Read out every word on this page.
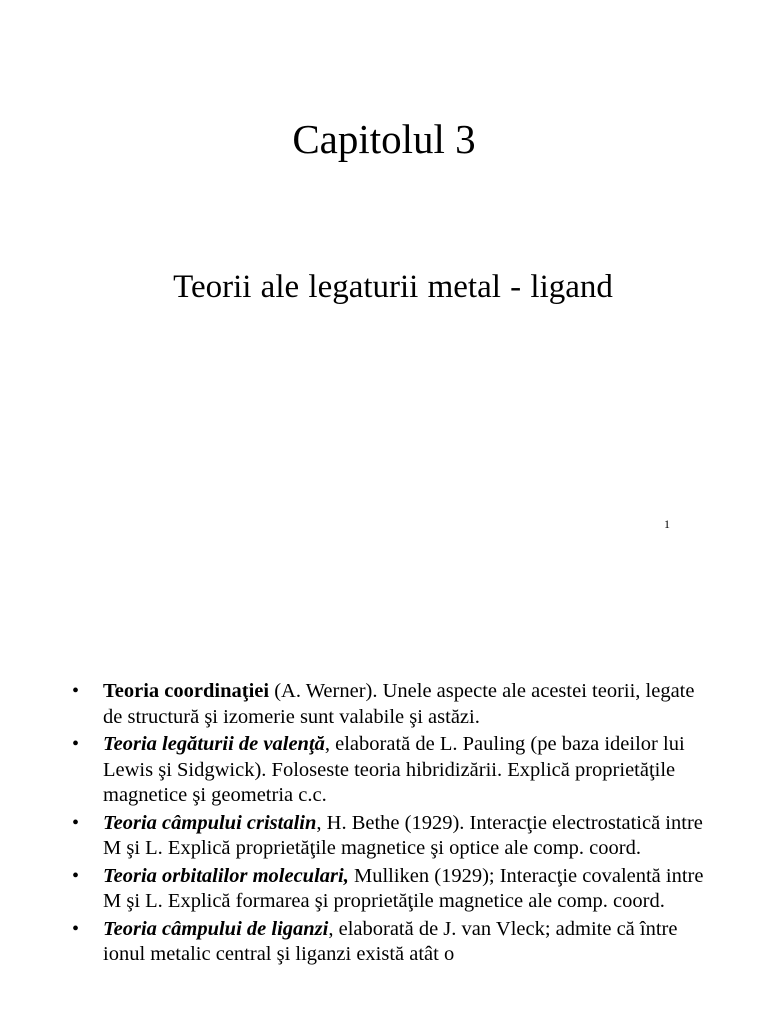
Capitolul 3
Teorii ale legaturii metal - ligand
1
• Teoria coordinaţiei (A. Werner). Unele aspecte ale acestei teorii, legate de structură şi izomerie sunt valabile şi astăzi.
• Teoria legăturii de valenţă, elaborată de L. Pauling (pe baza ideilor lui Lewis şi Sidgwick). Foloseste teoria hibridizării. Explică proprietăţile magnetice şi geometria c.c.
• Teoria câmpului cristalin, H. Bethe (1929). Interacţie electrostatică intre M şi L. Explică proprietăţile magnetice şi optice ale comp. coord.
• Teoria orbitalilor moleculari, Mulliken (1929); Interacţie covalentă intre M şi L. Explică formarea şi proprietăţile magnetice ale comp. coord.
• Teoria câmpului de liganzi, elaborată de J. van Vleck; admite că între ionul metalic central şi liganzi există atât o
